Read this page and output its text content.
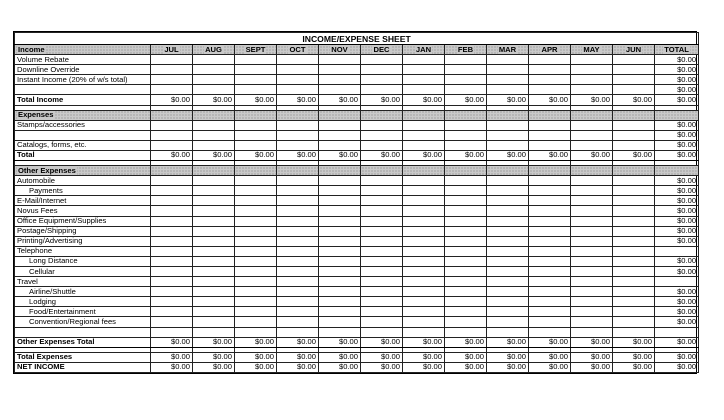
INCOME/EXPENSE SHEET													
Income	JUL	AUG	SEPT	OCT	NOV	DEC	JAN	FEB	MAR	APR	MAY	JUN	TOTAL
Volume Rebate													$0.00
Downline Override													$0.00
Instant Income (20% of w/s total)													$0.00
													$0.00
Total Income	$0.00	$0.00	$0.00	$0.00	$0.00	$0.00	$0.00	$0.00	$0.00	$0.00	$0.00	$0.00	$0.00

Expenses													
Stamps/accessories													$0.00
													$0.00
Catalogs, forms, etc.													$0.00
Total	$0.00	$0.00	$0.00	$0.00	$0.00	$0.00	$0.00	$0.00	$0.00	$0.00	$0.00	$0.00	$0.00

Other Expenses													
Automobile													$0.00
Payments													$0.00
E-Mail/Internet													$0.00
Novus Fees													$0.00
Office Equipment/Supplies													$0.00
Postage/Shipping													$0.00
Printing/Advertising													$0.00
Telephone													
Long Distance													$0.00
Cellular													$0.00
Travel													
Airline/Shuttle													$0.00
Lodging													$0.00
Food/Entertainment													$0.00
Convention/Regional fees													$0.00

Other Expenses Total	$0.00	$0.00	$0.00	$0.00	$0.00	$0.00	$0.00	$0.00	$0.00	$0.00	$0.00	$0.00	$0.00

Total Expenses	$0.00	$0.00	$0.00	$0.00	$0.00	$0.00	$0.00	$0.00	$0.00	$0.00	$0.00	$0.00	$0.00
NET INCOME	$0.00	$0.00	$0.00	$0.00	$0.00	$0.00	$0.00	$0.00	$0.00	$0.00	$0.00	$0.00	$0.00
